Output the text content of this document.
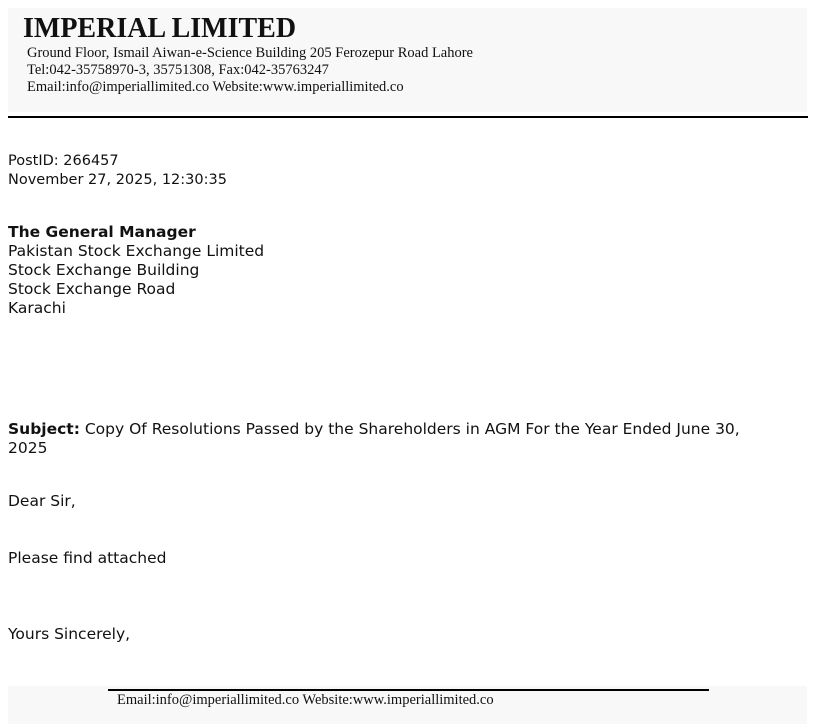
IMPERIAL LIMITED
Ground Floor, Ismail Aiwan-e-Science Building 205 Ferozepur Road Lahore
Tel:042-35758970-3, 35751308, Fax:042-35763247
Email:info@imperiallimited.co Website:www.imperiallimited.co
PostID: 266457
November 27, 2025, 12:30:35
The General Manager
Pakistan Stock Exchange Limited
Stock Exchange Building
Stock Exchange Road
Karachi
Subject: Copy Of Resolutions Passed by the Shareholders in AGM For the Year Ended June 30, 2025
Dear Sir,
Please find attached
Yours Sincerely,
Email:info@imperiallimited.co Website:www.imperiallimited.co
